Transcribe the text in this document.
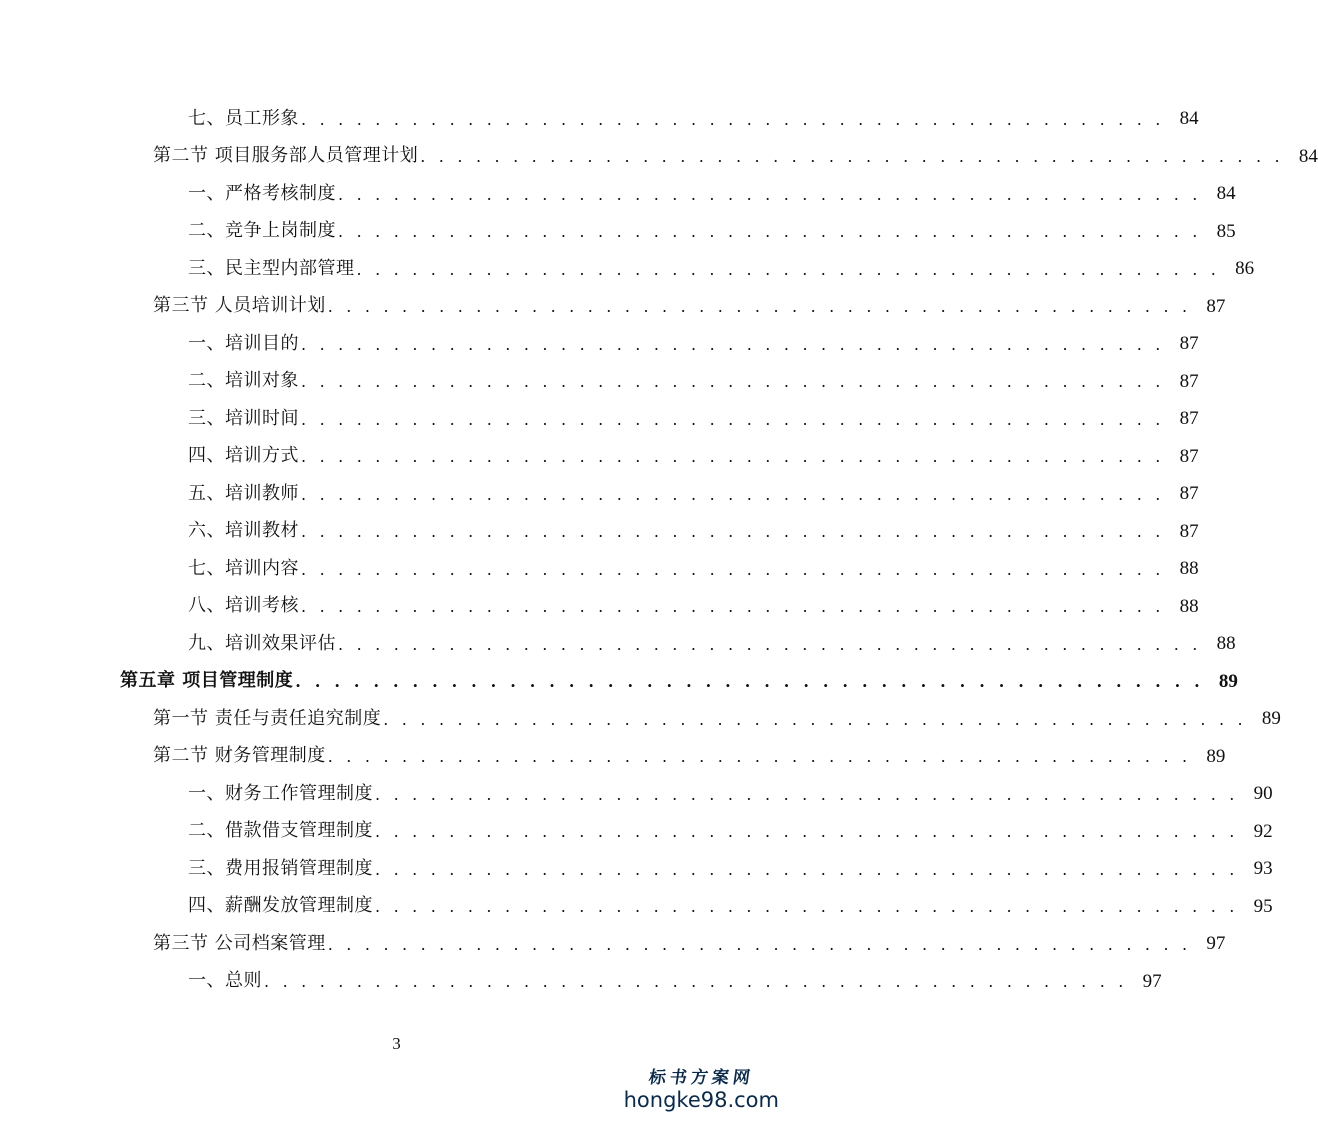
七、员工形象 . . . . . . . . . . . . . . . . . . . . . . . . . . . . . . . . . . . . . . . . . . . . . . . 84
第二节 项目服务部人员管理计划 . . . . . . . . . . . . . . . . . . . . . . . . . . . . . . . . . . . . . . . . . . . . . . . 84
一、严格考核制度 . . . . . . . . . . . . . . . . . . . . . . . . . . . . . . . . . . . . . . . . . . . . . . . 84
二、竞争上岗制度 . . . . . . . . . . . . . . . . . . . . . . . . . . . . . . . . . . . . . . . . . . . . . . . 85
三、民主型内部管理 . . . . . . . . . . . . . . . . . . . . . . . . . . . . . . . . . . . . . . . . . . . . . . . 86
第三节 人员培训计划 . . . . . . . . . . . . . . . . . . . . . . . . . . . . . . . . . . . . . . . . . . . . . . . 87
一、培训目的 . . . . . . . . . . . . . . . . . . . . . . . . . . . . . . . . . . . . . . . . . . . . . . . 87
二、培训对象 . . . . . . . . . . . . . . . . . . . . . . . . . . . . . . . . . . . . . . . . . . . . . . . 87
三、培训时间 . . . . . . . . . . . . . . . . . . . . . . . . . . . . . . . . . . . . . . . . . . . . . . . 87
四、培训方式 . . . . . . . . . . . . . . . . . . . . . . . . . . . . . . . . . . . . . . . . . . . . . . . 87
五、培训教师 . . . . . . . . . . . . . . . . . . . . . . . . . . . . . . . . . . . . . . . . . . . . . . . 87
六、培训教材 . . . . . . . . . . . . . . . . . . . . . . . . . . . . . . . . . . . . . . . . . . . . . . . 87
七、培训内容 . . . . . . . . . . . . . . . . . . . . . . . . . . . . . . . . . . . . . . . . . . . . . . . 88
八、培训考核 . . . . . . . . . . . . . . . . . . . . . . . . . . . . . . . . . . . . . . . . . . . . . . . 88
九、培训效果评估 . . . . . . . . . . . . . . . . . . . . . . . . . . . . . . . . . . . . . . . . . . . . . . . 88
第五章 项目管理制度 . . . . . . . . . . . . . . . . . . . . . . . . . . . . . . . . . . . . . . . . . . . . . . . 89
第一节 责任与责任追究制度 . . . . . . . . . . . . . . . . . . . . . . . . . . . . . . . . . . . . . . . . . . . . . . . 89
第二节 财务管理制度 . . . . . . . . . . . . . . . . . . . . . . . . . . . . . . . . . . . . . . . . . . . . . . . 89
一、财务工作管理制度 . . . . . . . . . . . . . . . . . . . . . . . . . . . . . . . . . . . . . . . . . . . . . . . 90
二、借款借支管理制度 . . . . . . . . . . . . . . . . . . . . . . . . . . . . . . . . . . . . . . . . . . . . . . . 92
三、费用报销管理制度 . . . . . . . . . . . . . . . . . . . . . . . . . . . . . . . . . . . . . . . . . . . . . . . 93
四、薪酬发放管理制度 . . . . . . . . . . . . . . . . . . . . . . . . . . . . . . . . . . . . . . . . . . . . . . . 95
第三节 公司档案管理 . . . . . . . . . . . . . . . . . . . . . . . . . . . . . . . . . . . . . . . . . . . . . . . 97
一、总则 . . . . . . . . . . . . . . . . . . . . . . . . . . . . . . . . . . . . . . . . . . . . . . . 97
3
标书方案网
hongke98.com
